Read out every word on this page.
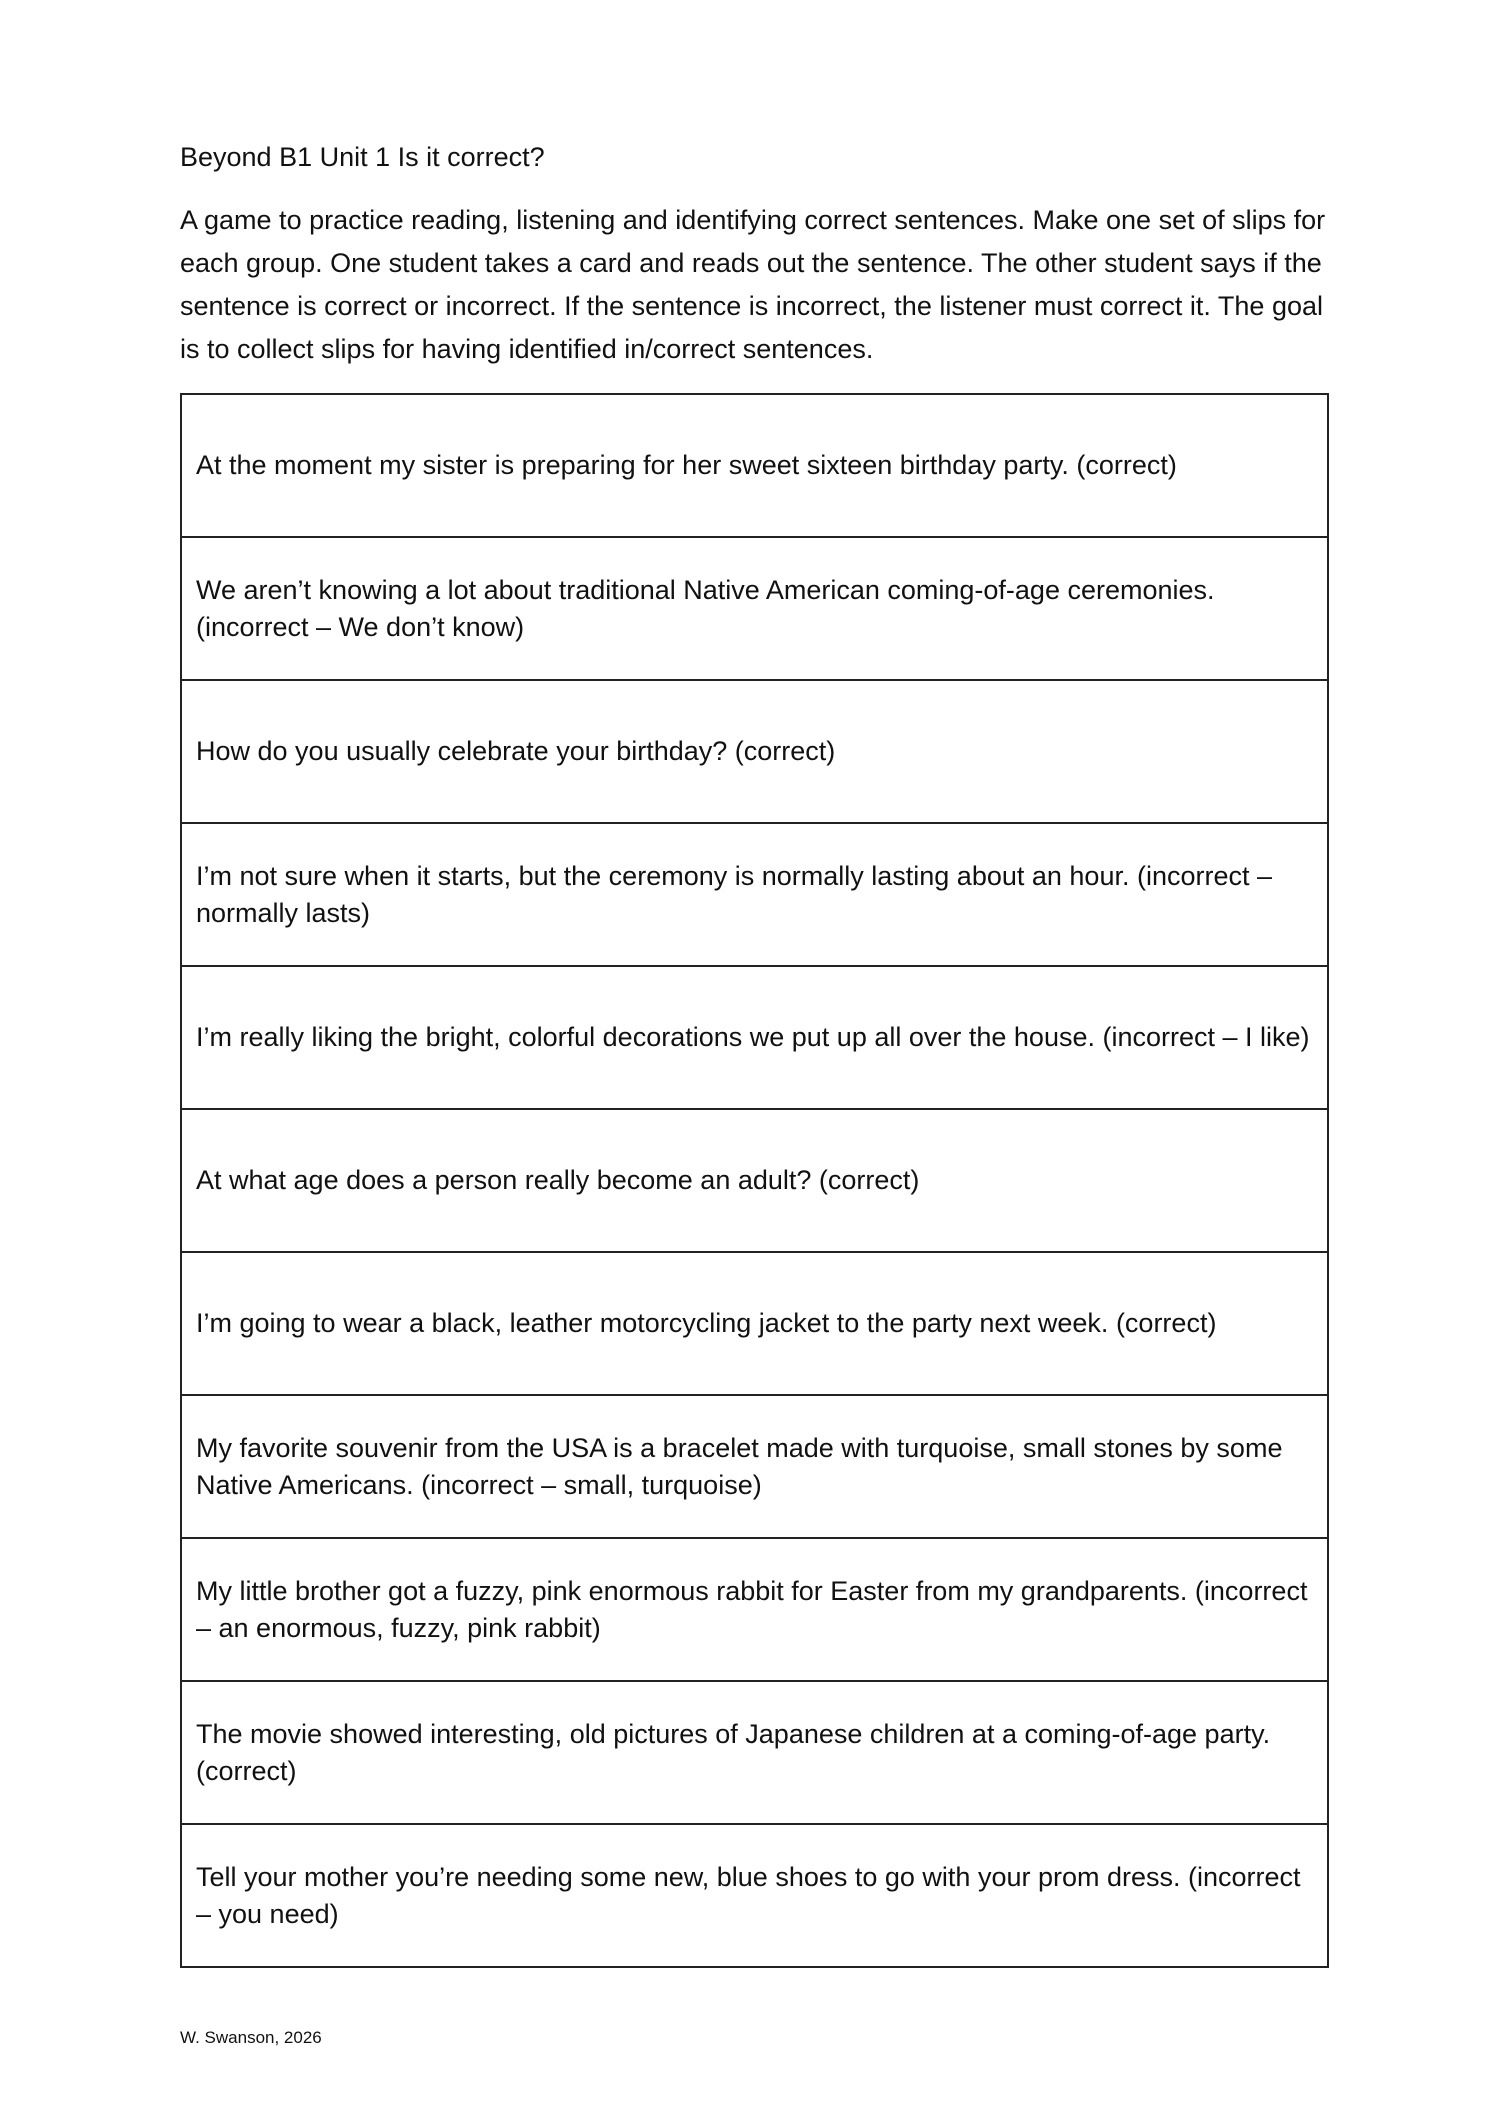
Beyond B1 Unit 1 Is it correct?

A game to practice reading, listening and identifying correct sentences. Make one set of slips for each group. One student takes a card and reads out the sentence. The other student says if the sentence is correct or incorrect. If the sentence is incorrect, the listener must correct it. The goal is to collect slips for having identified in/correct sentences.

At the moment my sister is preparing for her sweet sixteen birthday party. (correct)
We aren’t knowing a lot about traditional Native American coming-of-age ceremonies. (incorrect – We don’t know)
How do you usually celebrate your birthday? (correct)
I’m not sure when it starts, but the ceremony is normally lasting about an hour. (incorrect – normally lasts)
I’m really liking the bright, colorful decorations we put up all over the house. (incorrect – I like)
At what age does a person really become an adult? (correct)
I’m going to wear a black, leather motorcycling jacket to the party next week. (correct)
My favorite souvenir from the USA is a bracelet made with turquoise, small stones by some Native Americans. (incorrect – small, turquoise)
My little brother got a fuzzy, pink enormous rabbit for Easter from my grandparents. (incorrect – an enormous, fuzzy, pink rabbit)
The movie showed interesting, old pictures of Japanese children at a coming-of-age party. (correct)
Tell your mother you’re needing some new, blue shoes to go with your prom dress. (incorrect – you need)

W. Swanson, 2026
